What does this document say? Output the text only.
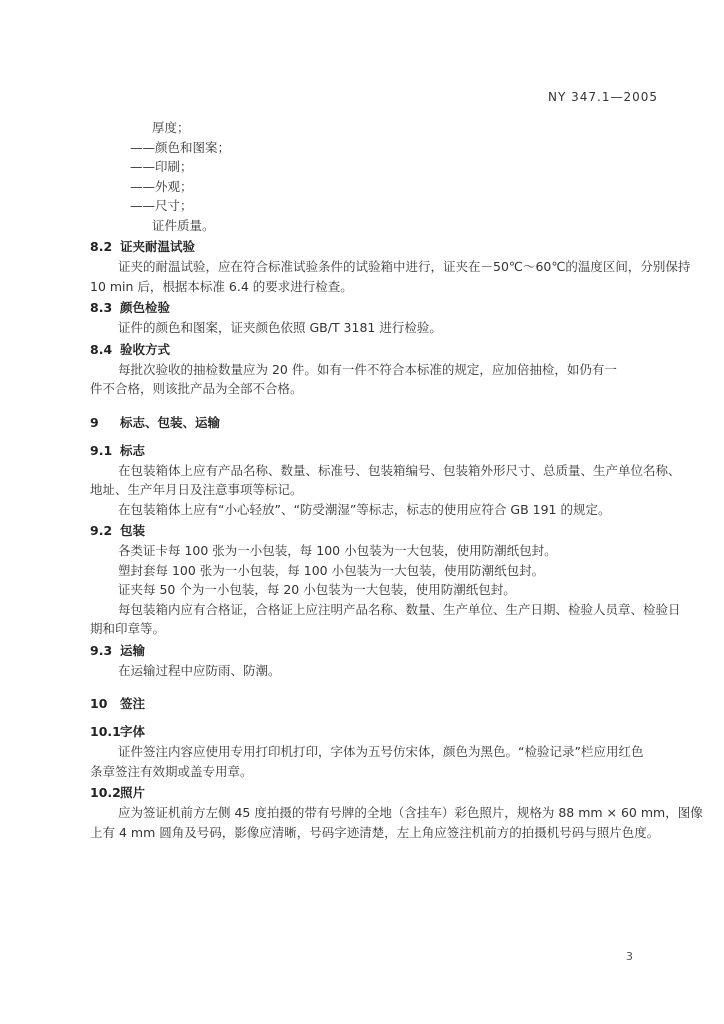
NY 347.1—2005
厚度；
——颜色和图案；
——印刷；
——外观；
——尺寸；
证件质量。
8.2 证夹耐温试验
证夹的耐温试验，应在符合标准试验条件的试验箱中进行，证夹在－50℃～60℃的温度区间，分别保持
10 min 后，根据本标准 6.4 的要求进行检查。
8.3 颜色检验
证件的颜色和图案，证夹颜色依照 GB/T 3181 进行检验。
8.4 验收方式
每批次验收的抽检数量应为 20 件。如有一件不符合本标准的规定，应加倍抽检，如仍有一
件不合格，则该批产品为全部不合格。
9 标志、包装、运输
9.1 标志
在包装箱体上应有产品名称、数量、标准号、包装箱编号、包装箱外形尺寸、总质量、生产单位名称、
地址、生产年月日及注意事项等标记。
在包装箱体上应有“小心轻放”、“防受潮湿”等标志，标志的使用应符合 GB 191 的规定。
9.2 包装
各类证卡每 100 张为一小包装，每 100 小包装为一大包装，使用防潮纸包封。
塑封套每 100 张为一小包装，每 100 小包装为一大包装，使用防潮纸包封。
证夹每 50 个为一小包装，每 20 小包装为一大包装，使用防潮纸包封。
每包装箱内应有合格证，合格证上应注明产品名称、数量、生产单位、生产日期、检验人员章、检验日
期和印章等。
9.3 运输
在运输过程中应防雨、防潮。
10 签注
10.1字体
证件签注内容应使用专用打印机打印，字体为五号仿宋体，颜色为黑色。“检验记录”栏应用红色
条章签注有效期或盖专用章。
10.2照片
应为签证机前方左侧 45 度拍摄的带有号牌的全地（含挂车）彩色照片，规格为 88 mm × 60 mm，图像
上有 4 mm 圆角及号码，影像应清晰，号码字迹清楚，左上角应签注机前方的拍摄机号码与照片色度。
3
